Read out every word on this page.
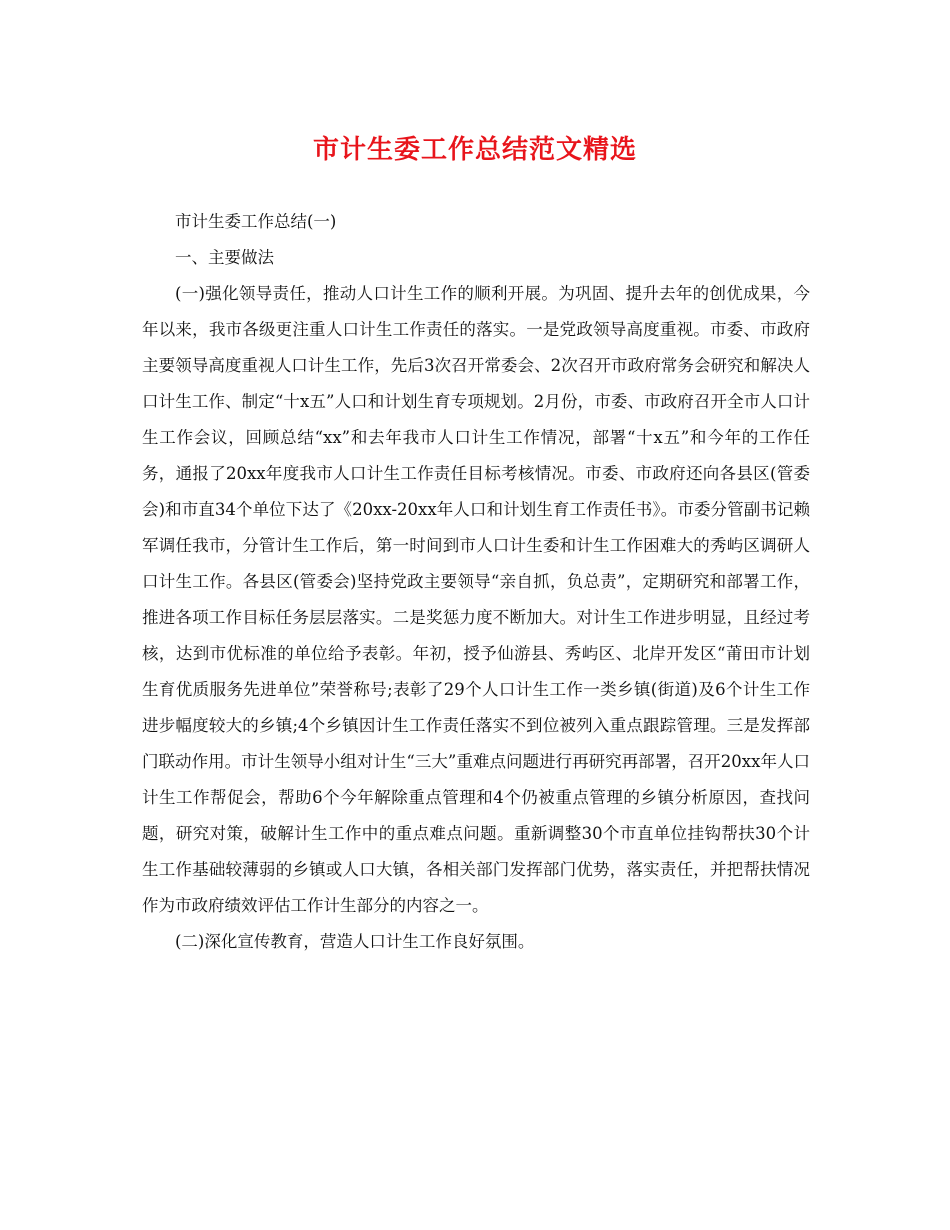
市计生委工作总结范文精选

市计生委工作总结(一)

一、主要做法

(一)强化领导责任，推动人口计生工作的顺利开展。为巩固、提升去年的创优成果，今年以来，我市各级更注重人口计生工作责任的落实。一是党政领导高度重视。市委、市政府主要领导高度重视人口计生工作，先后3次召开常委会、2次召开市政府常务会研究和解决人口计生工作、制定“十x五”人口和计划生育专项规划。2月份，市委、市政府召开全市人口计生工作会议，回顾总结“xx”和去年我市人口计生工作情况，部署“十x五”和今年的工作任务，通报了20xx年度我市人口计生工作责任目标考核情况。市委、市政府还向各县区(管委会)和市直34个单位下达了《20xx-20xx年人口和计划生育工作责任书》。市委分管副书记赖军调任我市，分管计生工作后，第一时间到市人口计生委和计生工作困难大的秀屿区调研人口计生工作。各县区(管委会)坚持党政主要领导“亲自抓，负总责”，定期研究和部署工作，推进各项工作目标任务层层落实。二是奖惩力度不断加大。对计生工作进步明显，且经过考核，达到市优标准的单位给予表彰。年初，授予仙游县、秀屿区、北岸开发区“莆田市计划生育优质服务先进单位”荣誉称号;表彰了29个人口计生工作一类乡镇(街道)及6个计生工作进步幅度较大的乡镇;4个乡镇因计生工作责任落实不到位被列入重点跟踪管理。三是发挥部门联动作用。市计生领导小组对计生“三大”重难点问题进行再研究再部署，召开20xx年人口计生工作帮促会，帮助6个今年解除重点管理和4个仍被重点管理的乡镇分析原因，查找问题，研究对策，破解计生工作中的重点难点问题。重新调整30个市直单位挂钩帮扶30个计生工作基础较薄弱的乡镇或人口大镇，各相关部门发挥部门优势，落实责任，并把帮扶情况作为市政府绩效评估工作计生部分的内容之一。

(二)深化宣传教育，营造人口计生工作良好氛围。
